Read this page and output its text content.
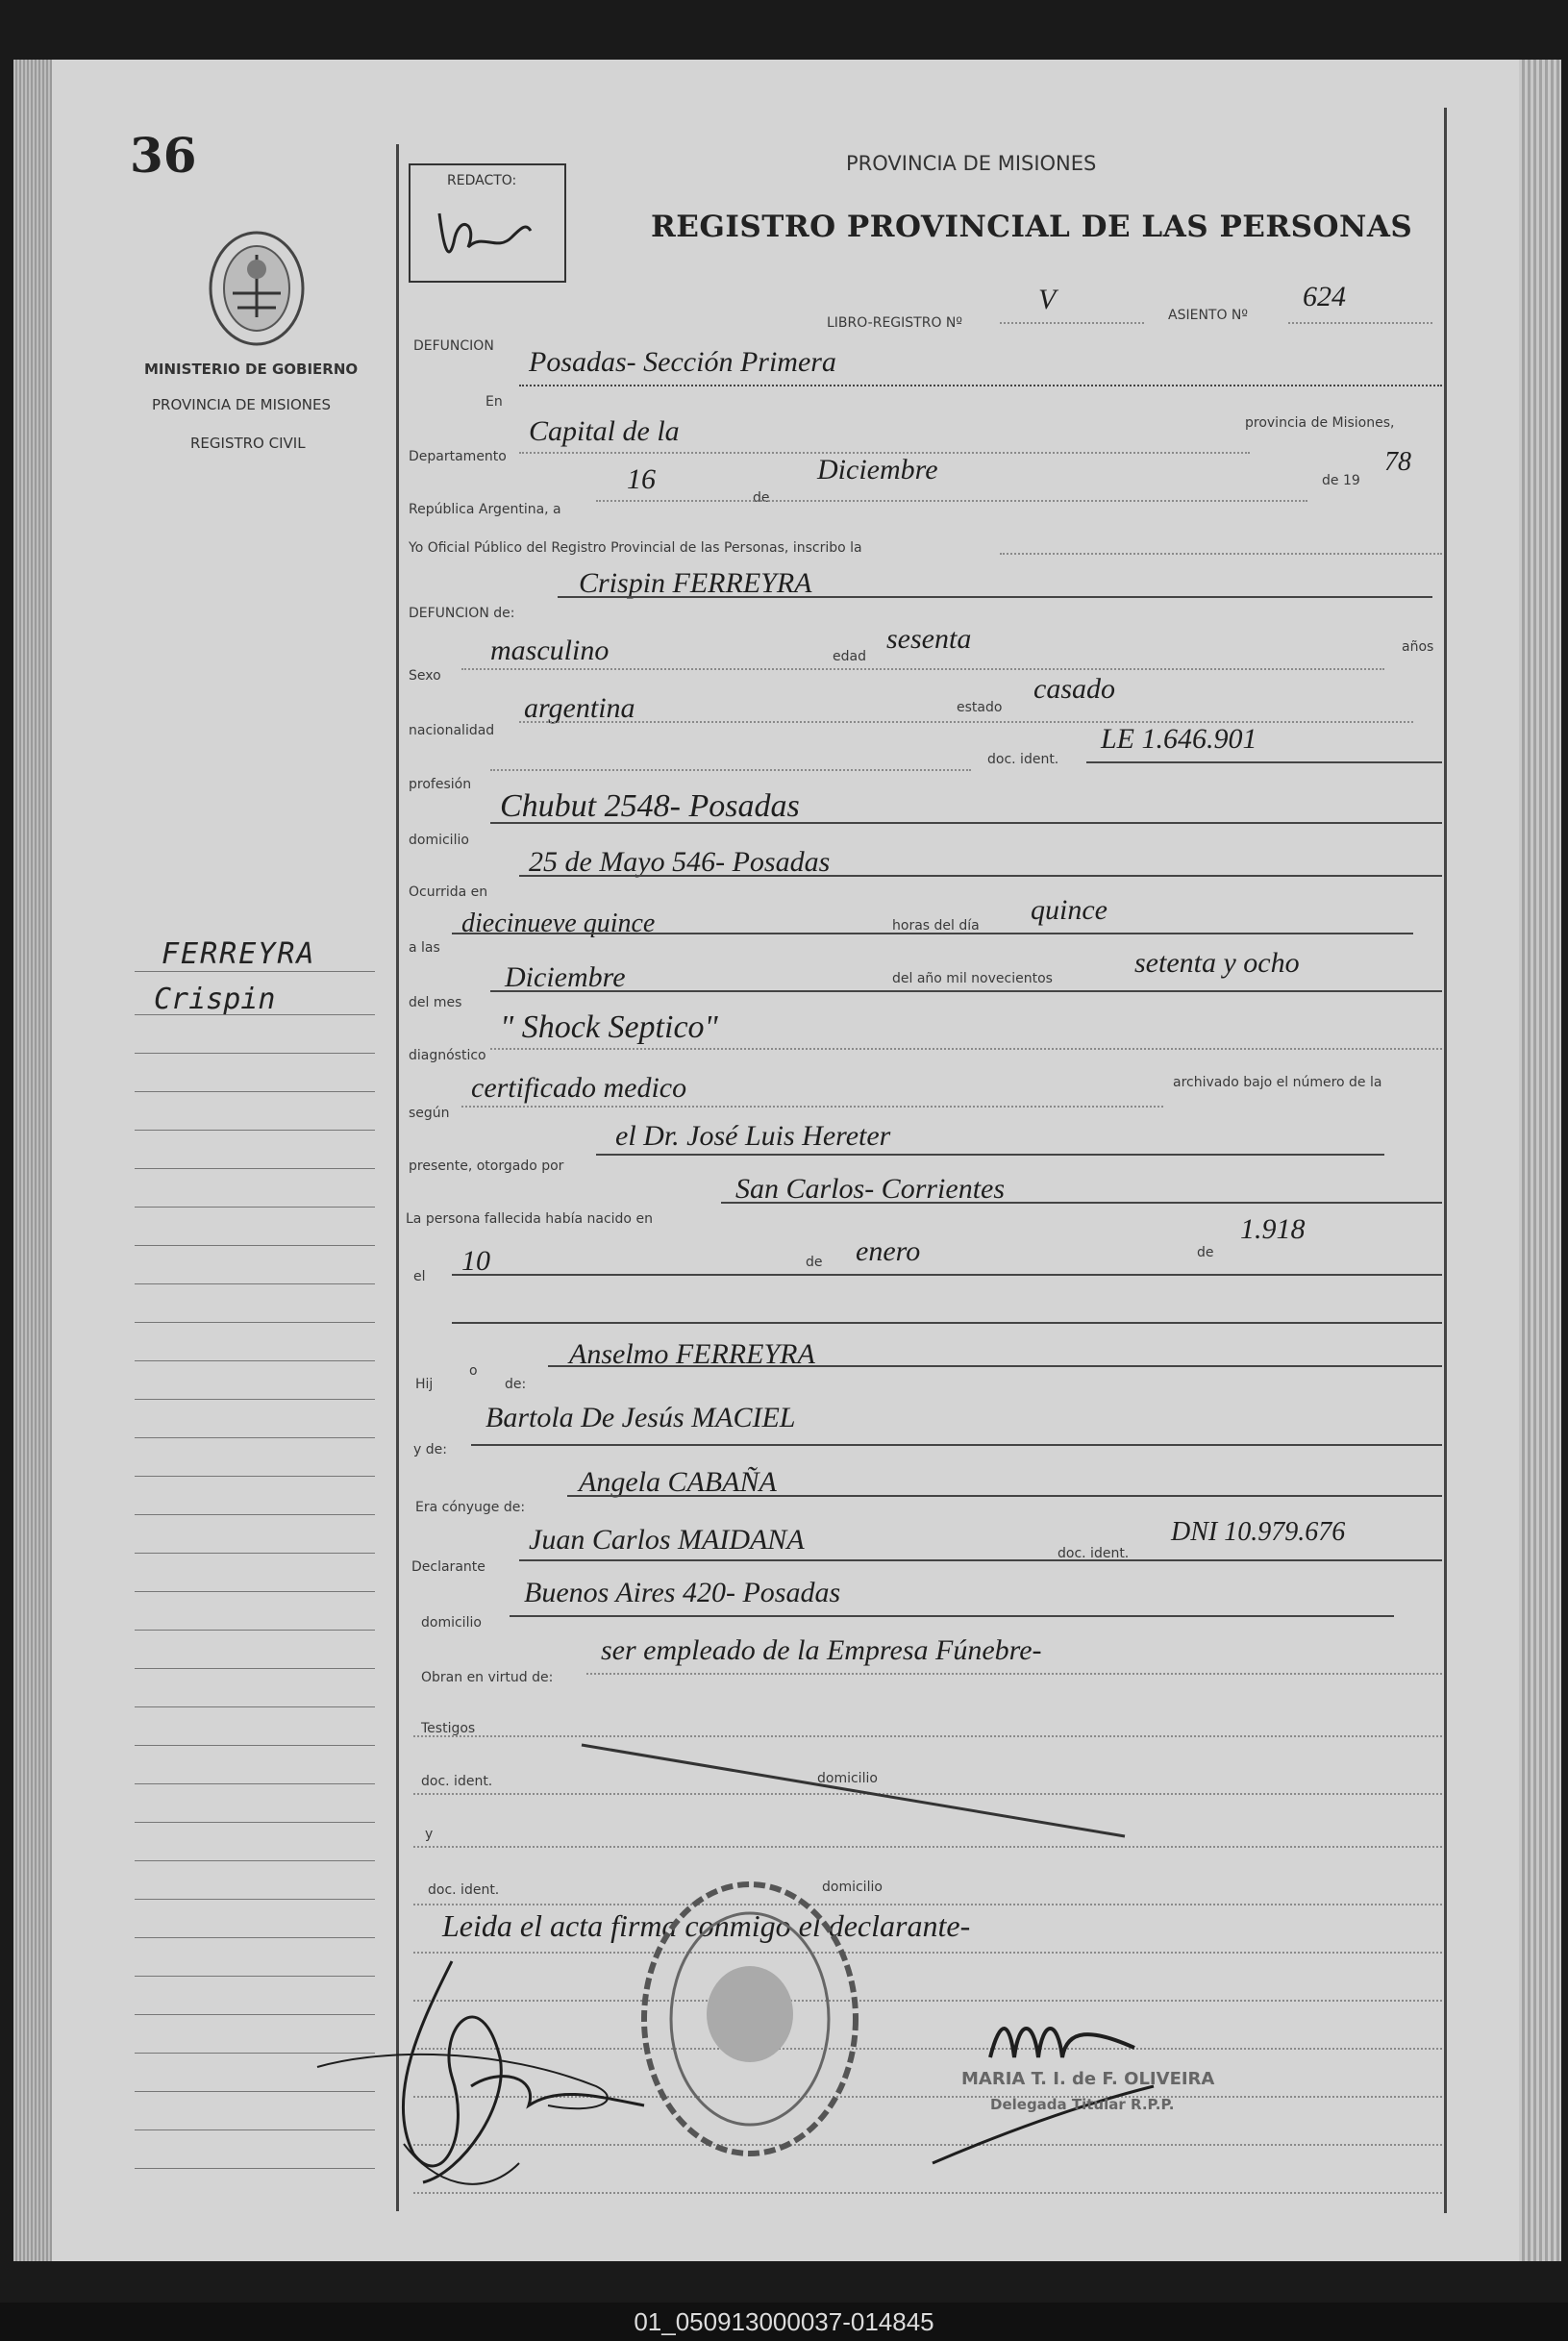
36	REDACTO:
PROVINCIA DE MISIONES
REGISTRO PROVINCIAL DE LAS PERSONAS
MINISTERIO DE GOBIERNO
PROVINCIA DE MISIONES
REGISTRO CIVIL
FERREYRA
Crispin
DEFUNCION
LIBRO-REGISTRO Nº
V	ASIENTO Nº
624
En
Posadas- Sección Primera
Departamento
Capital de la	provincia de Misiones,
República Argentina, a
16
de
Diciembre	de 19
78
Yo Oficial Público del Registro Provincial de las Personas, inscribo la
DEFUNCION de:
Crispin FERREYRA
Sexo
masculino	edad
sesenta	años
nacionalidad
argentina	estado
casado
profesión
doc. ident.
LE 1.646.901
domicilio
Chubut 2548- Posadas
Ocurrida en
25 de Mayo 546- Posadas
a las
diecinueve quince	horas del día quince
del mes
Diciembre	del año mil novecientos	setenta y ocho
diagnóstico
" Shock Septico"
según
certificado medico	archivado bajo el número de la
presente, otorgado por
el Dr. José Luis Hereter
La persona fallecida había nacido en
San Carlos- Corrientes
el 10	de enero	de
1.918
Hij
o
de:
Anselmo FERREYRA
y de:
Bartola De Jesús MACIEL
Era cónyuge de:
Angela CABAÑA
Declarante
Juan Carlos MAIDANA	doc. ident.
DNI 10.979.676
domicilio
Buenos Aires 420- Posadas
Obran en virtud de:
ser empleado de la Empresa Fúnebre-
Testigos
doc. ident.	domicilio
y
doc. ident.	domicilio
Leida el acta firma conmigo el declarante-
MARIA T. I. de F. OLIVEIRA
Delegada Titular R.P.P.
01_050913000037-014845
